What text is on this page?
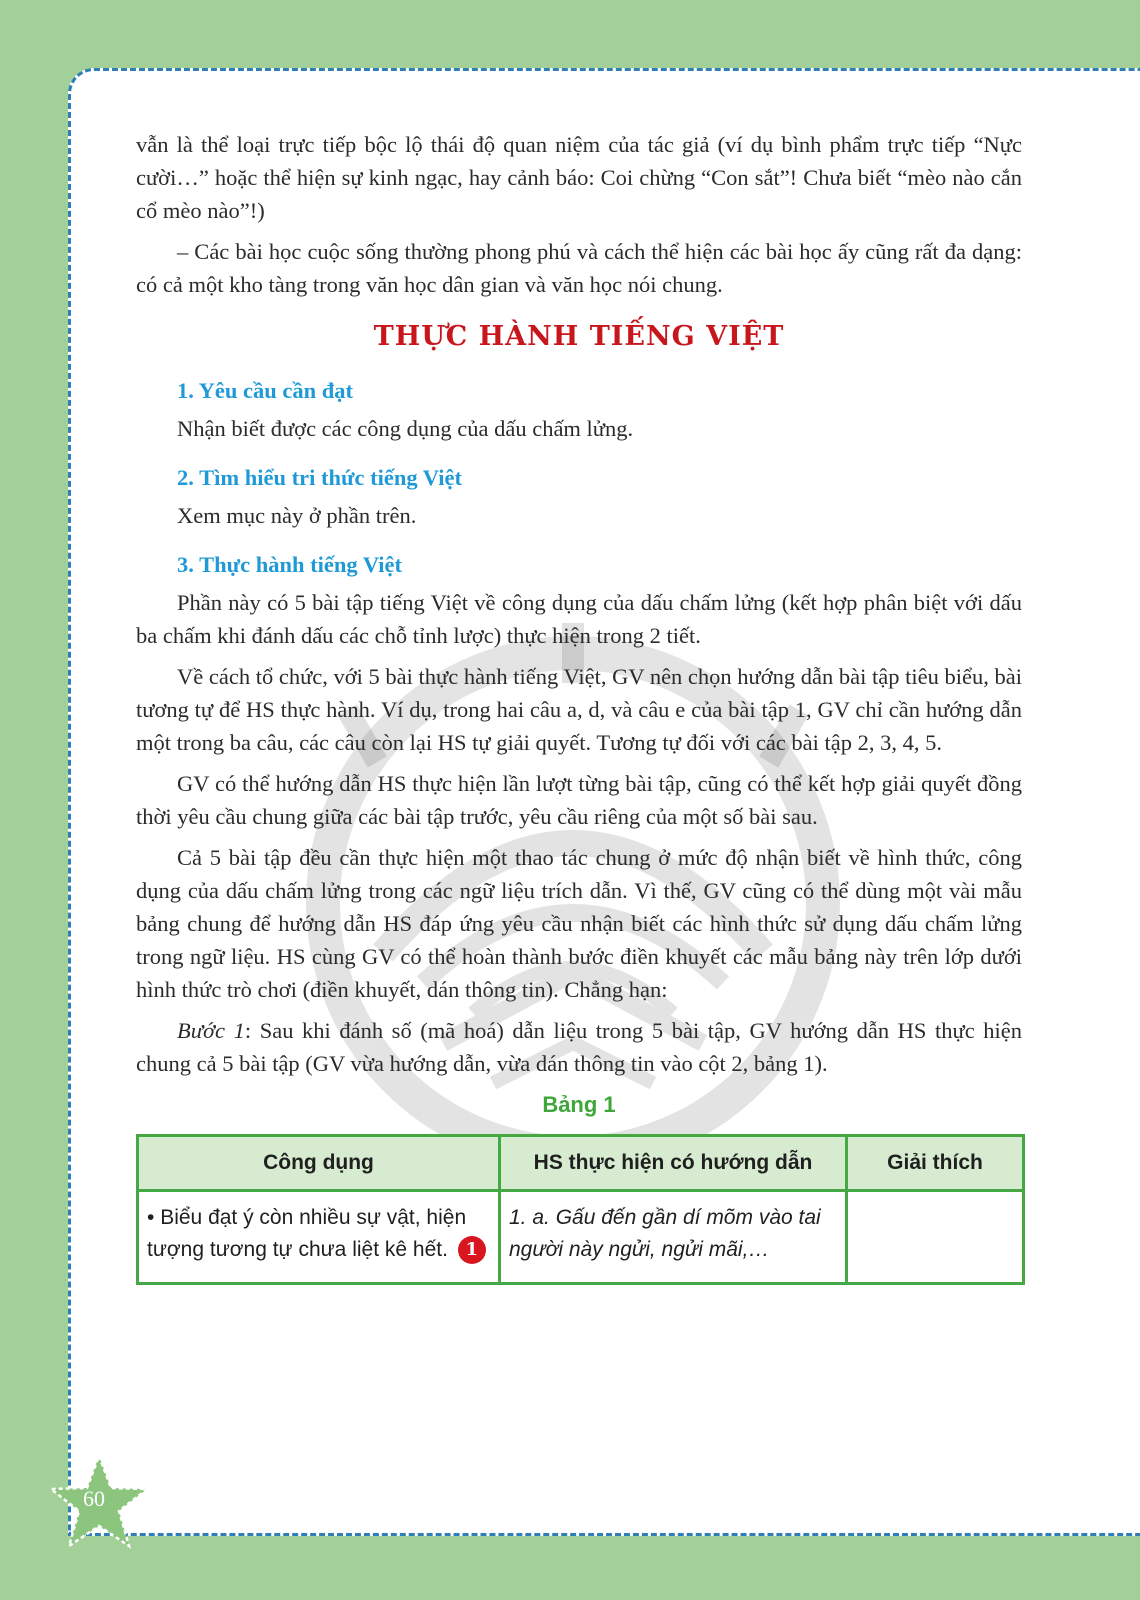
vẫn là thể loại trực tiếp bộc lộ thái độ quan niệm của tác giả (ví dụ bình phẩm trực tiếp “Nực cười…” hoặc thể hiện sự kinh ngạc, hay cảnh báo: Coi chừng “Con sắt”! Chưa biết “mèo nào cắn cổ mèo nào”!)

– Các bài học cuộc sống thường phong phú và cách thể hiện các bài học ấy cũng rất đa dạng: có cả một kho tàng trong văn học dân gian và văn học nói chung.

THỰC HÀNH TIẾNG VIỆT
1. Yêu cầu cần đạt
Nhận biết được các công dụng của dấu chấm lửng.
2. Tìm hiểu tri thức tiếng Việt
Xem mục này ở phần trên.
3. Thực hành tiếng Việt

Phần này có 5 bài tập tiếng Việt về công dụng của dấu chấm lửng (kết hợp phân biệt với dấu ba chấm khi đánh dấu các chỗ tỉnh lược) thực hiện trong 2 tiết.

Về cách tổ chức, với 5 bài thực hành tiếng Việt, GV nên chọn hướng dẫn bài tập tiêu biểu, bài tương tự để HS thực hành. Ví dụ, trong hai câu a, d, và câu e của bài tập 1, GV chỉ cần hướng dẫn một trong ba câu, các câu còn lại HS tự giải quyết. Tương tự đối với các bài tập 2, 3, 4, 5.

GV có thể hướng dẫn HS thực hiện lần lượt từng bài tập, cũng có thể kết hợp giải quyết đồng thời yêu cầu chung giữa các bài tập trước, yêu cầu riêng của một số bài sau.

Cả 5 bài tập đều cần thực hiện một thao tác chung ở mức độ nhận biết về hình thức, công dụng của dấu chấm lửng trong các ngữ liệu trích dẫn. Vì thế, GV cũng có thể dùng một vài mẫu bảng chung để hướng dẫn HS đáp ứng yêu cầu nhận biết các hình thức sử dụng dấu chấm lửng trong ngữ liệu. HS cùng GV có thể hoàn thành bước điền khuyết các mẫu bảng này trên lớp dưới hình thức trò chơi (điền khuyết, dán thông tin). Chẳng hạn:

Bước 1: Sau khi đánh số (mã hoá) dẫn liệu trong 5 bài tập, GV hướng dẫn HS thực hiện chung cả 5 bài tập (GV vừa hướng dẫn, vừa dán thông tin vào cột 2, bảng 1).

Bảng 1
Công dụng	HS thực hiện có hướng dẫn	Giải thích
• Biểu đạt ý còn nhiều sự vật, hiện tượng tương tự chưa liệt kê hết. 1	1. a. Gấu đến gần dí mõm vào tai người này ngửi, ngửi mãi,…	
60
